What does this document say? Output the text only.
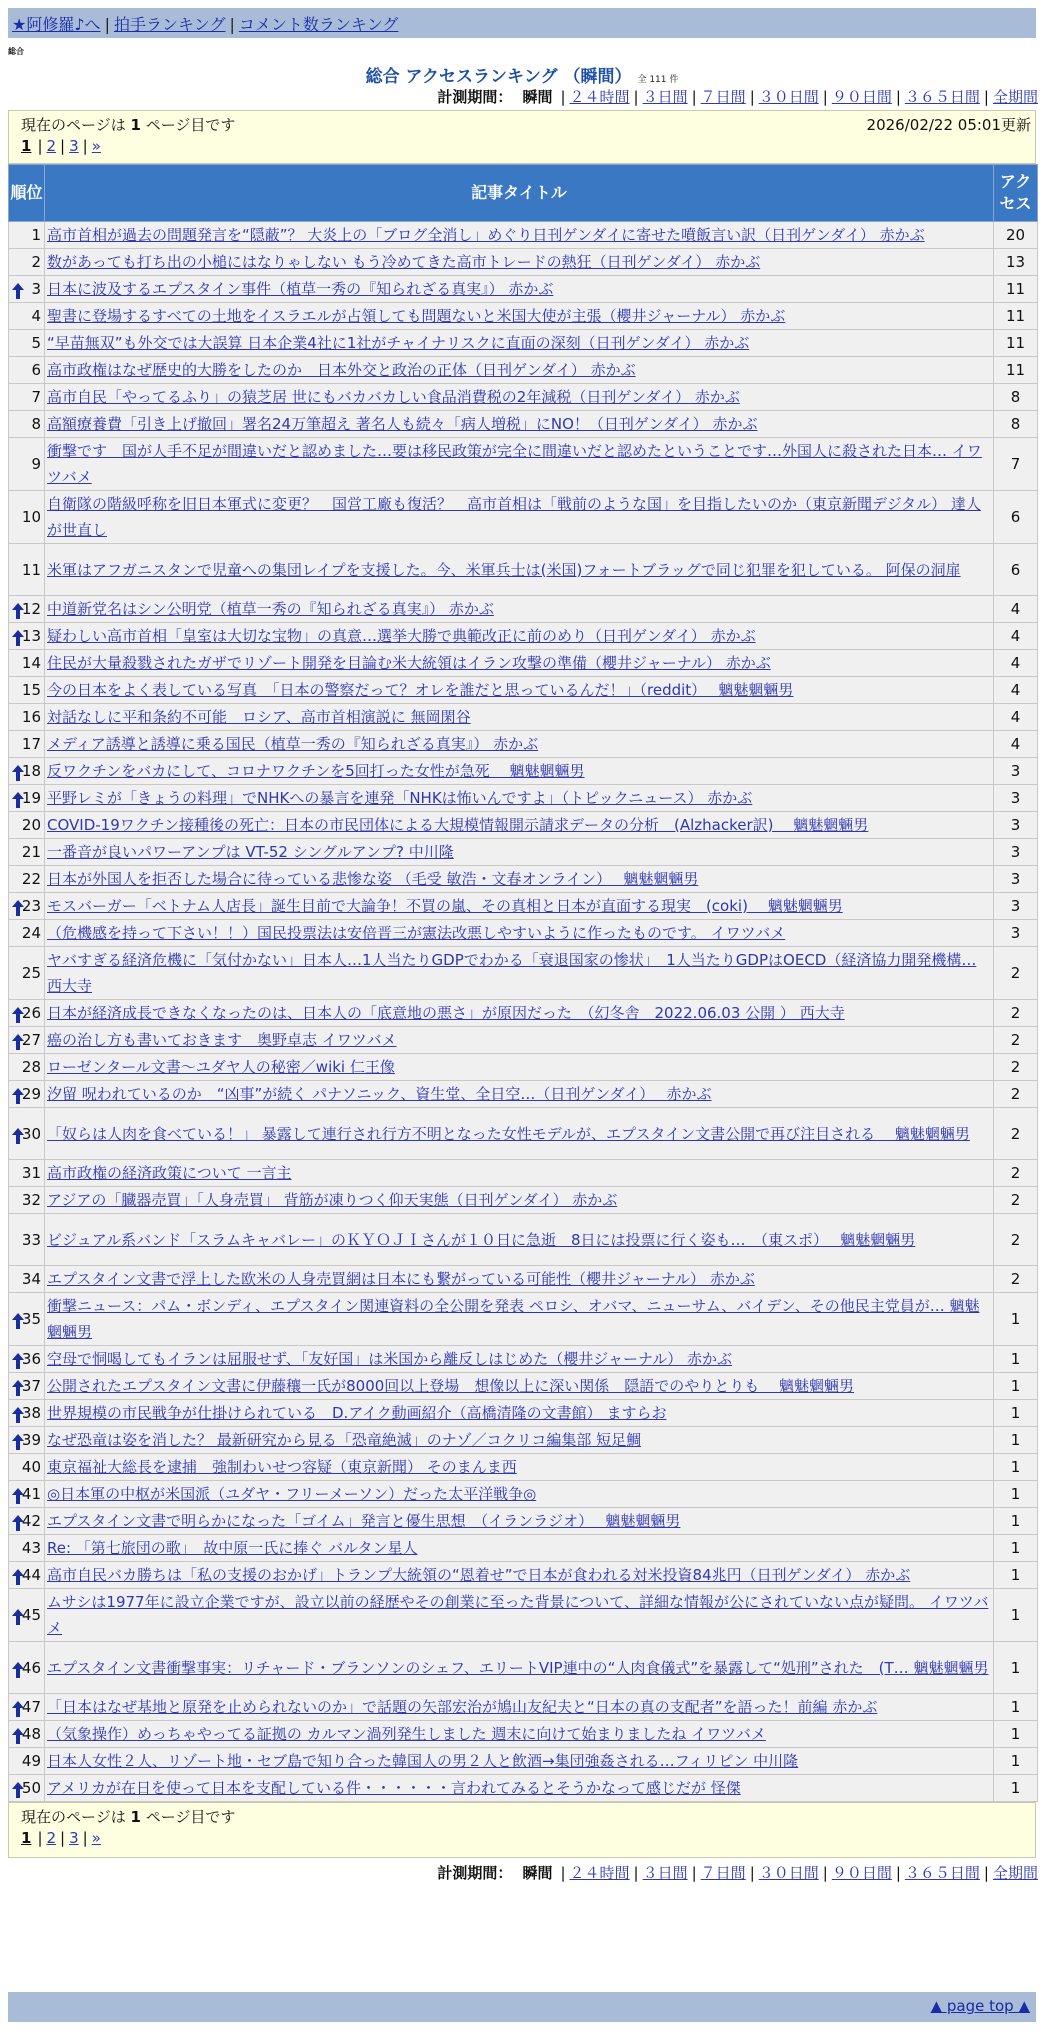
★阿修羅♪へ | 拍手ランキング | コメント数ランキング
総合
総合 アクセスランキング （瞬間） 全 111 件
計測期間： 瞬間 | ２４時間 | ３日間 | ７日間 | ３０日間 | ９０日間 | ３６５日間 | 全期間
現在のページは 1 ページ目です	2026/02/22 05:01更新
1 | 2 | 3 | »
順位	記事タイトル	アクセス
1	高市首相が過去の問題発言を“隠蔽”？ 大炎上の「ブログ全消し」めぐり日刊ゲンダイに寄せた噴飯言い訳（日刊ゲンダイ） 赤かぶ	20
2	数があっても打ち出の小槌にはなりゃしない もう冷めてきた高市トレードの熱狂（日刊ゲンダイ） 赤かぶ	13

3	日本に波及するエプスタイン事件（植草一秀の『知られざる真実』） 赤かぶ	11
4	聖書に登場するすべての土地をイスラエルが占領しても問題ないと米国大使が主張（櫻井ジャーナル） 赤かぶ	11
5	“早苗無双”も外交では大誤算 日本企業4社に1社がチャイナリスクに直面の深刻（日刊ゲンダイ） 赤かぶ	11
6	高市政権はなぜ歴史的大勝をしたのか　日本外交と政治の正体（日刊ゲンダイ） 赤かぶ	11
7	高市自民「やってるふり」の猿芝居 世にもバカバカしい食品消費税の2年減税（日刊ゲンダイ） 赤かぶ	8
8	高額療養費「引き上げ撤回」署名24万筆超え 著名人も続々「病人増税」にNO！（日刊ゲンダイ） 赤かぶ	8
9	衝撃です　国が人手不足が間違いだと認めました…要は移民政策が完全に間違いだと認めたということです…外国人に殺された日本… イワツバメ	7
10	自衛隊の階級呼称を旧日本軍式に変更？　国営工廠も復活？　高市首相は「戦前のような国」を目指したいのか（東京新聞デジタル） 達人が世直し	6
11	米軍はアフガニスタンで児童への集団レイプを支援した。今、米軍兵士は(米国)フォートブラッグで同じ犯罪を犯している。 阿保の洞扉	6

12	中道新党名はシン公明党（植草一秀の『知られざる真実』） 赤かぶ	4

13	疑わしい高市首相「皇室は大切な宝物」の真意…選挙大勝で典範改正に前のめり（日刊ゲンダイ） 赤かぶ	4
14	住民が大量殺戮されたガザでリゾート開発を目論む米大統領はイラン攻撃の準備（櫻井ジャーナル） 赤かぶ	4
15	今の日本をよく表している写真　「日本の警察だって？オレを誰だと思っているんだ！」（reddit）　 魑魅魍魎男	4
16	対話なしに平和条約不可能　ロシア、高市首相演説に 無岡閑谷	4
17	メディア誘導と誘導に乗る国民（植草一秀の『知られざる真実』） 赤かぶ	4

18	反ワクチンをバカにして、コロナワクチンを5回打った女性が急死　 魑魅魍魎男	3

19	平野レミが「きょうの料理」でNHKへの暴言を連発「NHKは怖いんですよ」（トピックニュース） 赤かぶ	3
20	COVID-19ワクチン接種後の死亡：日本の市民団体による大規模情報開示請求データの分析　(Alzhacker訳)　 魑魅魍魎男	3
21	一番音が良いパワーアンプは VT-52 シングルアンプ? 中川隆	3
22	日本が外国人を拒否した場合に待っている悲惨な姿 （毛受 敏浩・文春オンライン）　 魑魅魍魎男	3

23	モスバーガー「ベトナム人店長」誕生目前で大論争！不買の嵐、その真相と日本が直面する現実　(coki)　 魑魅魍魎男	3
24	（危機感を持って下さい！！）国民投票法は安倍晋三が憲法改悪しやすいように作ったものです。 イワツバメ	3
25	ヤバすぎる経済危機に「気付かない」日本人…1人当たりGDPでわかる「衰退国家の惨状」　1人当たりGDPはOECD（経済協力開発機構… 西大寺	2

26	日本が経済成長できなくなったのは、日本人の「底意地の悪さ」が原因だった　（幻冬舎　2022.06.03 公開 ） 西大寺	2

27	癌の治し方も書いておきます　奥野卓志 イワツバメ	2
28	ローゼンタール文書〜ユダヤ人の秘密／wiki 仁王像	2

29	汐留 呪われているのか　“凶事”が続く パナソニック、資生堂、全日空…（日刊ゲンダイ）　 赤かぶ	2

30	「奴らは人肉を食べている！」 暴露して連行され行方不明となった女性モデルが、エプスタイン文書公開で再び注目される　 魑魅魍魎男	2
31	高市政権の経済政策について 一言主	2
32	アジアの「臓器売買」「人身売買」 背筋が凍りつく仰天実態（日刊ゲンダイ） 赤かぶ	2
33	ビジュアル系バンド「スラムキャバレー」のＫＹＯＪＩさんが１０日に急逝　8日には投票に行く姿も…　（東スポ）　 魑魅魍魎男	2
34	エプスタイン文書で浮上した欧米の人身売買網は日本にも繋がっている可能性（櫻井ジャーナル） 赤かぶ	2

35	衝撃ニュース：パム・ボンディ、エプスタイン関連資料の全公開を発表 ペロシ、オバマ、ニューサム、バイデン、その他民主党員が… 魑魅魍魎男	1

36	空母で恫喝してもイランは屈服せず、「友好国」は米国から離反しはじめた（櫻井ジャーナル） 赤かぶ	1

37	公開されたエプスタイン文書に伊藤穰一氏が8000回以上登場　想像以上に深い関係　隠語でのやりとりも　 魑魅魍魎男	1

38	世界規模の市民戦争が仕掛けられている　D.アイク動画紹介（高橋清隆の文書館） ますらお	1

39	なぜ恐竜は姿を消した？ 最新研究から見る「恐竜絶滅」のナゾ／コクリコ編集部 短足鯛	1
40	東京福祉大総長を逮捕　強制わいせつ容疑（東京新聞） そのまんま西	1

41	◎日本軍の中枢が米国派（ユダヤ・フリーメーソン）だった太平洋戦争◎	1

42	エプスタイン文書で明らかになった「ゴイム」発言と優生思想　（イランラジオ）　 魑魅魍魎男	1
43	Re: 「第七旅団の歌」　故中原一氏に捧ぐ バルタン星人	1

44	高市自民バカ勝ちは「私の支援のおかげ」トランプ大統領の“恩着せ”で日本が食われる対米投資84兆円（日刊ゲンダイ） 赤かぶ	1

45	ムサシは1977年に設立企業ですが、設立以前の経歴やその創業に至った背景について、詳細な情報が公にされていない点が疑問。 イワツバメ	1

46	エプスタイン文書衝撃事実：リチャード・ブランソンのシェフ、エリートVIP連中の“人肉食儀式”を暴露して“処刑”された　(T… 魑魅魍魎男	1

47	「日本はなぜ基地と原発を止められないのか」で話題の矢部宏治が鳩山友紀夫と“日本の真の支配者”を語った！前編 赤かぶ	1

48	（気象操作）めっちゃやってる証拠の カルマン渦列発生しました 週末に向けて始まりましたね イワツバメ	1
49	日本人女性２人、リゾート地・セブ島で知り合った韓国人の男２人と飲酒→集団強姦される…フィリピン 中川隆	1

50	アメリカが在日を使って日本を支配している件・・・・・・言われてみるとそうかなって感じだが 怪傑	1
現在のページは 1 ページ目です
1 | 2 | 3 | »
計測期間： 瞬間 | ２４時間 | ３日間 | ７日間 | ３０日間 | ９０日間 | ３６５日間 | 全期間
▲ page top ▲
